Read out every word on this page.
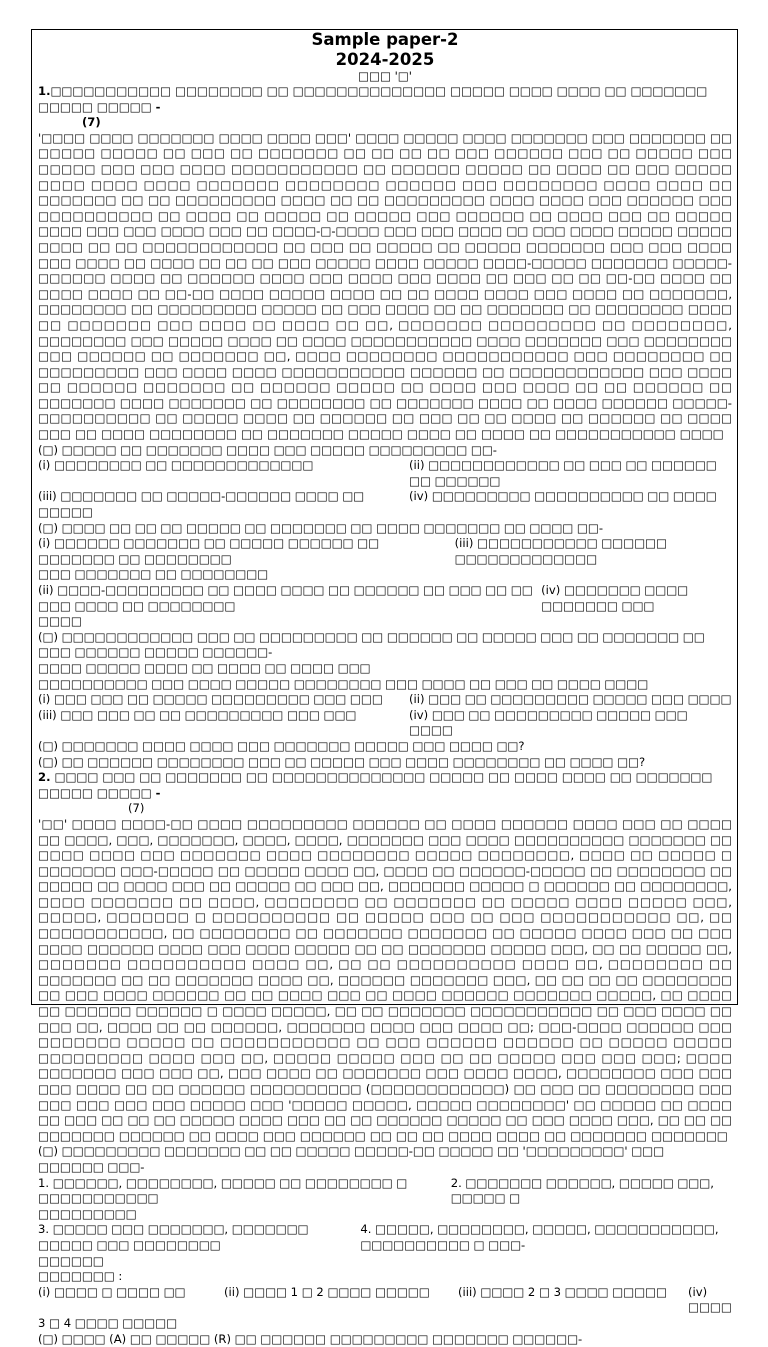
Sample paper-2
2024-2025
□□□ '□'
1.□□□□□□□□□□□ □□□□□□□□ □□ □□□□□□□□□□□□□□ □□□□□ □□□□ □□□□ □□ □□□□□□□ □□□□□ □□□□□ -
(7)

'□□□□ □□□□ □□□□□□□ □□□□ □□□□ □□□' □□□□ □□□□□ □□□□ □□□□□□□ □□□ □□□□□□□ □□ □□□□□ □□□□□ □□ □□□ □□ □□□□□□□ □□ □□ □□ □□ □□□ □□□□□□ □□□ □□ □□□□□ □□□ □□□□□ □□□ □□□ □□□□ □□□□□□□□□□□ □□ □□□□□□ □□□□□ □□ □□□□ □□ □□□ □□□□□ □□□□ □□□□ □□□□ □□□□□□□ □□□□□□□□ □□□□□□ □□□ □□□□□□□□ □□□□ □□□□ □□ □□□□□□□ □□ □□ □□□□□□□□□ □□□□ □□ □□ □□□□□□□□□ □□□□ □□□□ □□□ □□□□□□ □□□ □□□□□□□□□□ □□ □□□□ □□ □□□□□ □□ □□□□□ □□□ □□□□□□ □□ □□□□ □□□ □□ □□□□□ □□□□ □□□ □□□ □□□□ □□□ □□ □□□□-□-□□□□ □□□ □□□ □□□□ □□ □□□ □□□□ □□□□□ □□□□□ □□□□ □□ □□ □□□□□□□□□□□□ □□ □□□ □□ □□□□□ □□ □□□□□ □□□□□□□ □□□ □□□ □□□□ □□□ □□□□ □□ □□□□ □□ □□ □□ □□□ □□□□□ □□□□ □□□□□ □□□□-□□□□□ □□□□□□□ □□□□□-□□□□□□ □□□□ □□ □□□□□□ □□□□ □□□ □□□□ □□□ □□□□ □□ □□□ □□ □□ □□-□□ □□□□ □□ □□□□ □□□□ □□ □□-□□ □□□□ □□□□□ □□□□ □□ □□ □□□□ □□□□ □□□ □□□□ □□ □□□□□□□, □□□□□□□□ □□ □□□□□□□□□ □□□□□ □□ □□□ □□□□ □□ □□ □□□□□□□ □□ □□□□□□□□ □□□□ □□ □□□□□□□ □□□ □□□□ □□ □□□□ □□ □□, □□□□□□□ □□□□□□□□□ □□ □□□□□□□□, □□□□□□□□ □□□ □□□□□ □□□□ □□ □□□□ □□□□□□□□□□□ □□□□ □□□□□□□ □□□ □□□□□□□□ □□□ □□□□□□ □□ □□□□□□□ □□, □□□□ □□□□□□□□ □□□□□□□□□□□ □□□ □□□□□□□□ □□ □□□□□□□□□ □□□ □□□□ □□□□ □□□□□□□□□□□ □□□□□□ □□ □□□□□□□□□□□□ □□□ □□□□ □□ □□□□□□ □□□□□□□ □□ □□□□□□ □□□□□ □□ □□□□ □□□ □□□□ □□ □□ □□□□□□ □□ □□□□□□□ □□□□ □□□□□□□ □□ □□□□□□□□ □□ □□□□□□□ □□□□ □□ □□□□ □□□□□□ □□□□□-□□□□□□□□□□ □□ □□□□□ □□□□ □□ □□□□□□ □□ □□□ □□ □□ □□□□ □□ □□□□□□ □□ □□□□ □□□ □□ □□□□ □□□□□□□□ □□ □□□□□□□ □□□□□ □□□□ □□ □□□□ □□ □□□□□□□□□□□ □□□□

(□) □□□□□ □□ □□□□□□□ □□□□ □□□ □□□□□ □□□□□□□□□ □□-
(i) □□□□□□□□ □□ □□□□□□□□□□□□□	(ii) □□□□□□□□□□□□ □□ □□□ □□ □□□□□□ □□ □□□□□□
(iii) □□□□□□□ □□ □□□□□-□□□□□□ □□□□ □□ □□□□□
(iv) □□□□□□□□□ □□□□□□□□□□ □□ □□□□
(□) □□□□ □□ □□ □□ □□□□□ □□ □□□□□□□ □□ □□□□ □□□□□□□ □□ □□□□ □□-
(i) □□□□□□ □□□□□□□ □□ □□□□□ □□□□□□ □□ □□□□□□□ □□ □□□□□□□□
(iii) □□□□□□□□□□□ □□□□□□ □□□□□□□□□□□□□
□□□ □□□□□□□ □□ □□□□□□□□
(ii) □□□□-□□□□□□□□□ □□ □□□□ □□□□ □□ □□□□□□ □□ □□□ □□ □□ □□□ □□□□ □□ □□□□□□□□
(iv) □□□□□□□ □□□□ □□□□□□□ □□□
□□□□
(□) □□□□□□□□□□□□ □□□ □□ □□□□□□□□□ □□ □□□□□□ □□ □□□□□ □□□ □□ □□□□□□□ □□ □□□ □□□□□□ □□□□□ □□□□□□-
□□□□ □□□□□ □□□□ □□ □□□□ □□ □□□□ □□□
□□□□□□□□□□ □□□ □□□□ □□□□□ □□□□□□□□ □□□ □□□□ □□ □□□ □□ □□□□ □□□□
(i) □□□ □□□ □□ □□□□□ □□□□□□□□□ □□□ □□□	(ii) □□□ □□ □□□□□□□□□ □□□□□ □□□ □□□□
(iii) □□□ □□□ □□ □□ □□□□□□□□□ □□□ □□□	(iv) □□□ □□ □□□□□□□□□ □□□□□ □□□ □□□□
(□) □□□□□□□ □□□□ □□□□ □□□ □□□□□□□ □□□□□ □□□ □□□□ □□?
(□) □□ □□□□□□ □□□□□□□□ □□□ □□ □□□□□ □□□ □□□□ □□□□□□□□ □□ □□□□ □□?
2. □□□□ □□□ □□ □□□□□□□ □□ □□□□□□□□□□□□□□ □□□□□ □□ □□□□ □□□□ □□ □□□□□□□ □□□□□ □□□□□ -
(7)

'□□' □□□□ □□□□-□□ □□□□ □□□□□□□□□ □□□□□□ □□ □□□□ □□□□□□ □□□□ □□□ □□ □□□□ □□ □□□□, □□□, □□□□□□□, □□□□, □□□□, □□□□□□□ □□□ □□□□ □□□□□□□□□□ □□□□□□□ □□ □□□□ □□□□ □□□ □□□□□□□ □□□□ □□□□□□□□ □□□□□ □□□□□□□□, □□□□ □□ □□□□□ □ □□□□□□□ □□□-□□□□□ □□ □□□□□ □□□□ □□, □□□□ □□ □□□□□□-□□□□□ □□ □□□□□□□□ □□ □□□□□ □□ □□□□ □□□ □□ □□□□□ □□ □□□ □□, □□□□□□□ □□□□□ □ □□□□□□ □□ □□□□□□□□, □□□□ □□□□□□□ □□ □□□□, □□□□□□□□ □□ □□□□□□□ □□ □□□□□ □□□□ □□□□□ □□□, □□□□□, □□□□□□□ □ □□□□□□□□□□ □□ □□□□□ □□□ □□ □□□ □□□□□□□□□□□ □□, □□ □□□□□□□□□□□, □□ □□□□□□□□ □□ □□□□□□□ □□□□□□□ □□ □□□□□ □□□□ □□□ □□ □□□ □□□□ □□□□□□ □□□□ □□□ □□□□ □□□□□ □□ □□ □□□□□□□ □□□□□ □□□, □□ □□ □□□□□ □□, □□□□□□□ □□□□□□□□□□ □□□□ □□, □□ □□ □□□□□□□□□□ □□□□ □□, □□□□□□□□ □□ □□□□□□□ □□ □□ □□□□□□□ □□□□ □□, □□□□□□ □□□□□□□ □□□, □□ □□ □□ □□ □□□□□□□□ □□ □□□ □□□□ □□□□□□ □□ □□ □□□□ □□□ □□ □□□□ □□□□□□ □□□□□□□ □□□□□, □□ □□□□ □□ □□□□□□ □□□□□□ □ □□□□ □□□□□, □□ □□ □□□□□□□ □□□□□□□□□□□ □□ □□□ □□□□ □□ □□□ □□, □□□□ □□ □□ □□□□□□, □□□□□□□ □□□□ □□□ □□□□ □□; □□□-□□□□ □□□□□□ □□□ □□□□□□□ □□□□□ □□ □□□□□□□□□□□ □□ □□□ □□□□□□ □□□□□□ □□ □□□□□ □□□□□ □□□□□□□□□ □□□□ □□□ □□, □□□□□ □□□□□ □□□ □□ □□ □□□□□ □□□ □□□ □□□; □□□□ □□□□□□□ □□□ □□□ □□, □□□ □□□□ □□ □□□□□□□ □□□ □□□□ □□□□, □□□□□□□□ □□□ □□□ □□□ □□□□ □□ □□ □□□□□□ □□□□□□□□□□ (□□□□□□□□□□□□) □□ □□□ □□ □□□□□□□□ □□□ □□□ □□□ □□□ □□□ □□□□□ □□□ '□□□□□ □□□□□, □□□□□ □□□□□□□□' □□ □□□□□ □□ □□□□ □□ □□□ □□ □□ □□ □□□□□ □□□□ □□□ □□ □□ □□□□□□ □□□□□ □□ □□□ □□□□ □□□, □□ □□ □□ □□□□□□□ □□□□□□ □□ □□□□ □□□ □□□□□□ □□ □□ □□ □□□□ □□□□ □□ □□□□□□□ □□□□□□□

(□) □□□□□□□□□ □□□□□□□ □□ □□ □□□□□ □□□□□-□□ □□□□□ □□ '□□□□□□□□□' □□□ □□□□□□ □□□-
1. □□□□□□, □□□□□□□□, □□□□□ □□ □□□□□□□□ □ □□□□□□□□□□□
2. □□□□□□□ □□□□□□, □□□□□ □□□, □□□□□ □
□□□□□□□□□
3. □□□□□ □□□ □□□□□□□, □□□□□□□ □□□□□ □□□ □□□□□□□□
4. □□□□□, □□□□□□□□, □□□□□, □□□□□□□□□□□, □□□□□□□□□□ □ □□□-
□□□□□□
□□□□□□□ :
(i) □□□□ □ □□□□ □□	(ii) □□□□ 1 □ 2 □□□□ □□□□□	(iii) □□□□ 2 □ 3 □□□□ □□□□□	(iv) □□□□
3 □ 4 □□□□ □□□□□
(□) □□□□ (A) □□ □□□□□ (R) □□ □□□□□□ □□□□□□□□□ □□□□□□□ □□□□□□-
